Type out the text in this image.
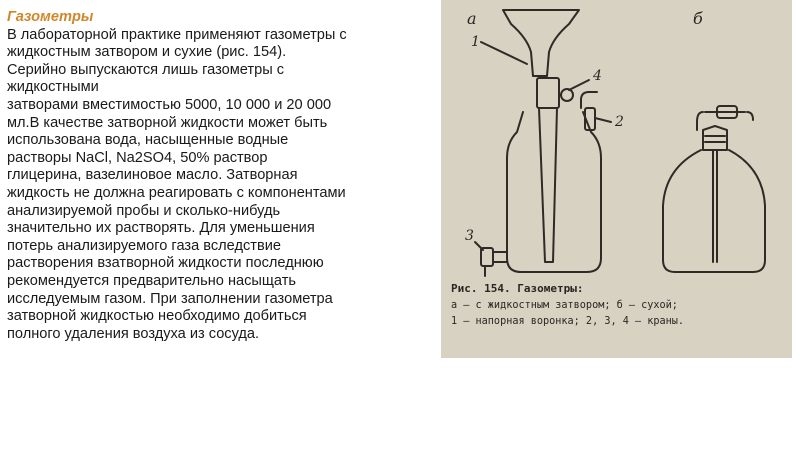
Газометры

В лабораторной практике применяют газометры с
жидкостным затвором и сухие (рис. 154).
Серийно выпускаются лишь газометры с
жидкостными
затворами вместимостью 5000, 10 000 и 20 000
мл.В качестве затворной жидкости может быть
использована вода, насыщенные водные
растворы NaCl, Na2SO4, 50% раствор
глицерина, вазелиновое масло. Затворная
жидкость не должна реагировать с компонентами
анализируемой пробы и сколько-нибудь
значительно их растворять. Для уменьшения
потерь анализируемого газа вследствие
растворения взатворной жидкости последнюю
рекомендуется предварительно насыщать
исследуемым газом. При заполнении газометра
затворной жидкостью необходимо добиться
полного удаления воздуха из сосуда.
а	б
1
4
2
3
Рис. 154. Газометры:
а — с жидкостным затвором; б — сухой;
1 — напорная воронка; 2, 3, 4 — краны.
